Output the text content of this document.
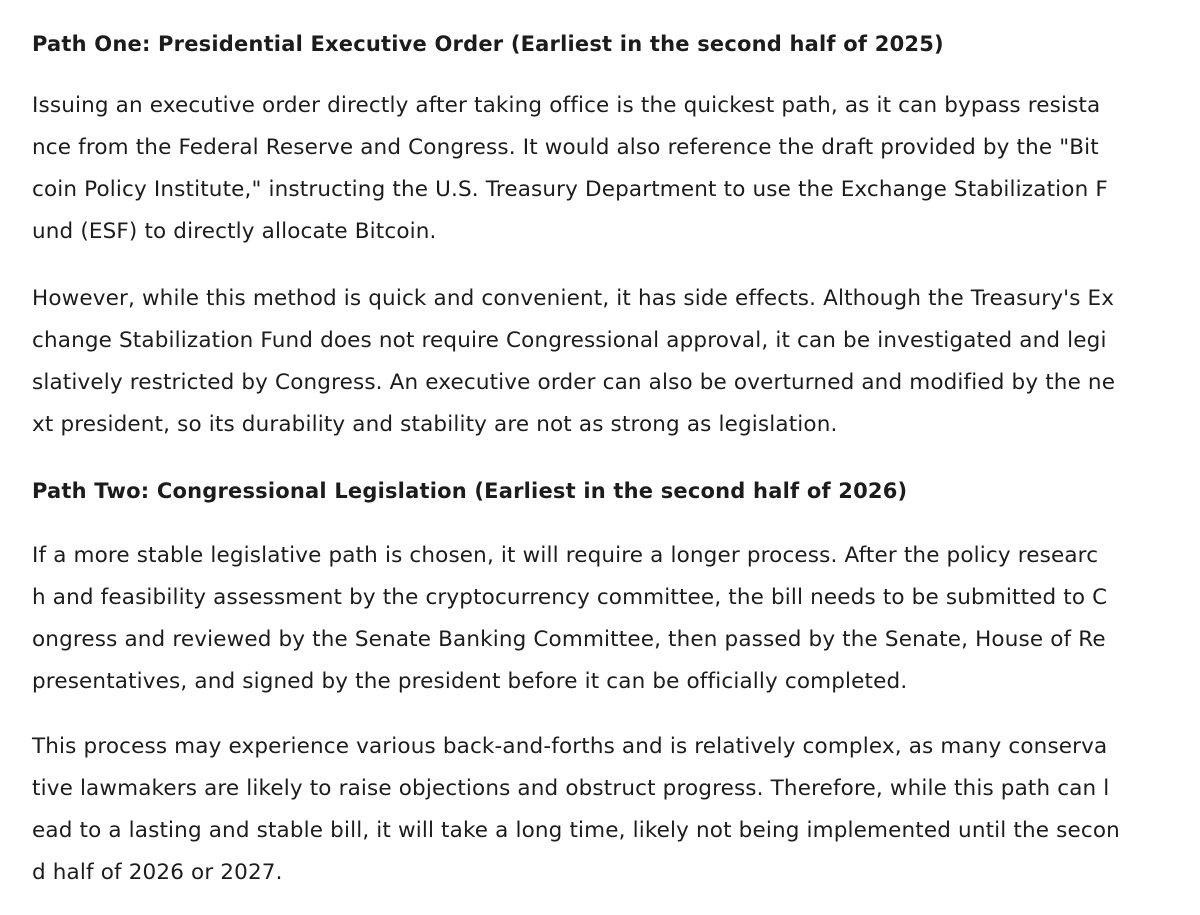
Path One: Presidential Executive Order (Earliest in the second half of 2025)
Issuing an executive order directly after taking office is the quickest path, as it can bypass resista
nce from the Federal Reserve and Congress. It would also reference the draft provided by the "Bit
coin Policy Institute," instructing the U.S. Treasury Department to use the Exchange Stabilization F
und (ESF) to directly allocate Bitcoin.
However, while this method is quick and convenient, it has side effects. Although the Treasury's Ex
change Stabilization Fund does not require Congressional approval, it can be investigated and legi
slatively restricted by Congress. An executive order can also be overturned and modified by the ne
xt president, so its durability and stability are not as strong as legislation.
Path Two: Congressional Legislation (Earliest in the second half of 2026)
If a more stable legislative path is chosen, it will require a longer process. After the policy researc
h and feasibility assessment by the cryptocurrency committee, the bill needs to be submitted to C
ongress and reviewed by the Senate Banking Committee, then passed by the Senate, House of Re
presentatives, and signed by the president before it can be officially completed.
This process may experience various back-and-forths and is relatively complex, as many conserva
tive lawmakers are likely to raise objections and obstruct progress. Therefore, while this path can l
ead to a lasting and stable bill, it will take a long time, likely not being implemented until the secon
d half of 2026 or 2027.
